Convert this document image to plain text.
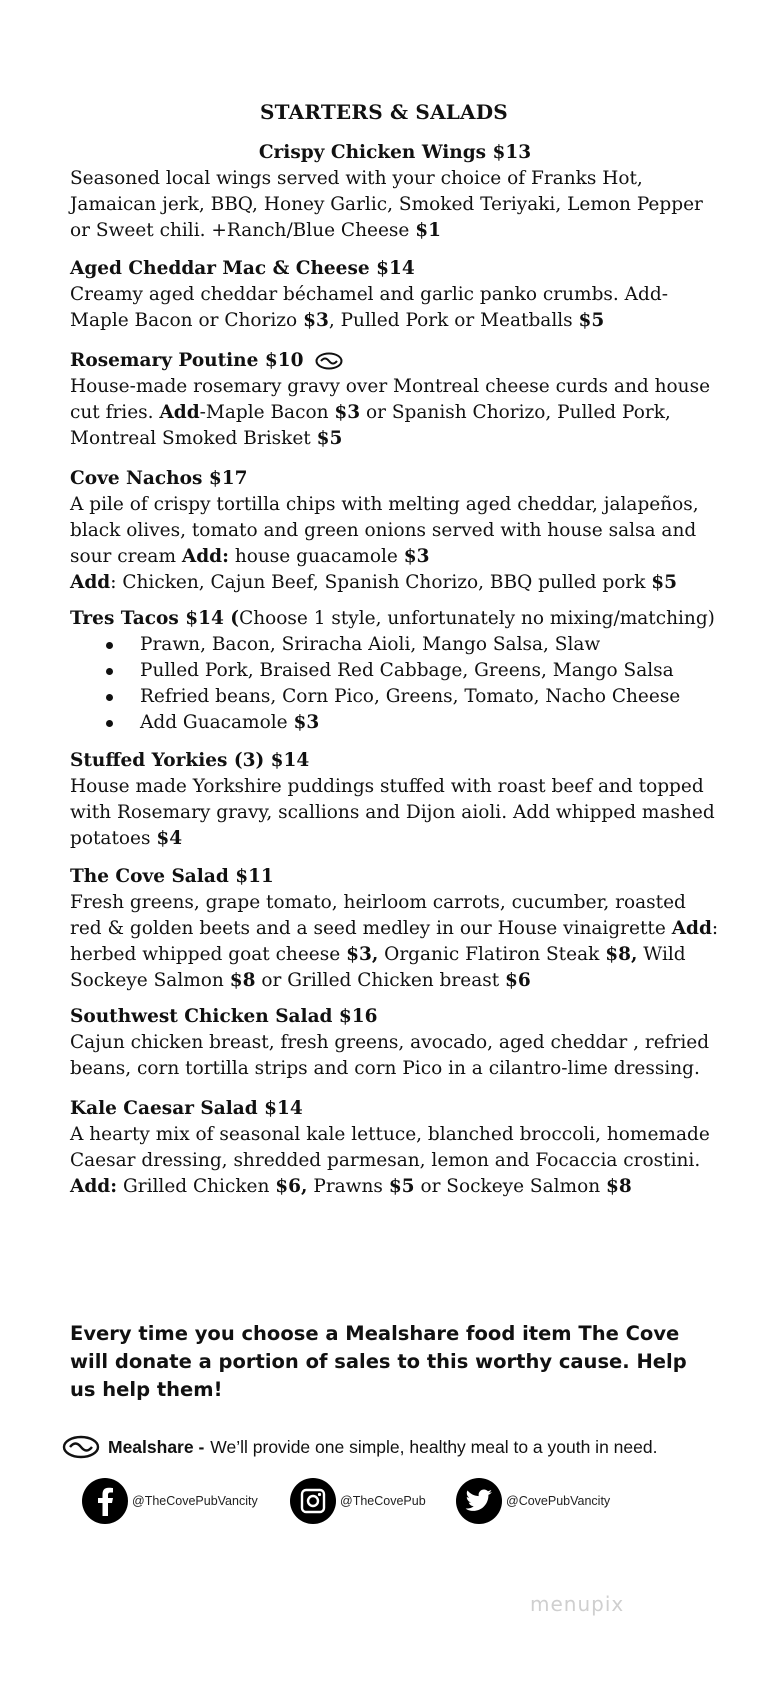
STARTERS & SALADS

Crispy Chicken Wings $13

Seasoned local wings served with your choice of Franks Hot, Jamaican jerk, BBQ, Honey Garlic, Smoked Teriyaki, Lemon Pepper or Sweet chili. +Ranch/Blue Cheese $1

Aged Cheddar Mac & Cheese $14

Creamy aged cheddar béchamel and garlic panko crumbs. Add-Maple Bacon or Chorizo $3, Pulled Pork or Meatballs $5

Rosemary Poutine $10

House-made rosemary gravy over Montreal cheese curds and house cut fries. Add-Maple Bacon $3 or Spanish Chorizo, Pulled Pork, Montreal Smoked Brisket $5

Cove Nachos $17

A pile of crispy tortilla chips with melting aged cheddar, jalapeños, black olives, tomato and green onions served with house salsa and sour cream Add: house guacamole $3

Add: Chicken, Cajun Beef, Spanish Chorizo, BBQ pulled pork $5

Tres Tacos $14 (Choose 1 style, unfortunately no mixing/matching)

Prawn, Bacon, Sriracha Aioli, Mango Salsa, Slaw
Pulled Pork, Braised Red Cabbage, Greens, Mango Salsa
Refried beans, Corn Pico, Greens, Tomato, Nacho Cheese
Add Guacamole $3

Stuffed Yorkies (3) $14

House made Yorkshire puddings stuffed with roast beef and topped with Rosemary gravy, scallions and Dijon aioli. Add whipped mashed potatoes $4

The Cove Salad $11

Fresh greens, grape tomato, heirloom carrots, cucumber, roasted red & golden beets and a seed medley in our House vinaigrette Add: herbed whipped goat cheese $3, Organic Flatiron Steak $8, Wild Sockeye Salmon $8 or Grilled Chicken breast $6

Southwest Chicken Salad $16

Cajun chicken breast, fresh greens, avocado, aged cheddar , refried beans, corn tortilla strips and corn Pico in a cilantro-lime dressing.

Kale Caesar Salad $14

A hearty mix of seasonal kale lettuce, blanched broccoli, homemade Caesar dressing, shredded parmesan, lemon and Focaccia crostini.

Add: Grilled Chicken $6, Prawns $5 or Sockeye Salmon $8

Every time you choose a Mealshare food item The Cove will donate a portion of sales to this worthy cause. Help us help them!
Mealshare - We’ll provide one simple, healthy meal to a youth in need.
@TheCovePubVancity	@TheCovePub	@CovePubVancity
menupix
